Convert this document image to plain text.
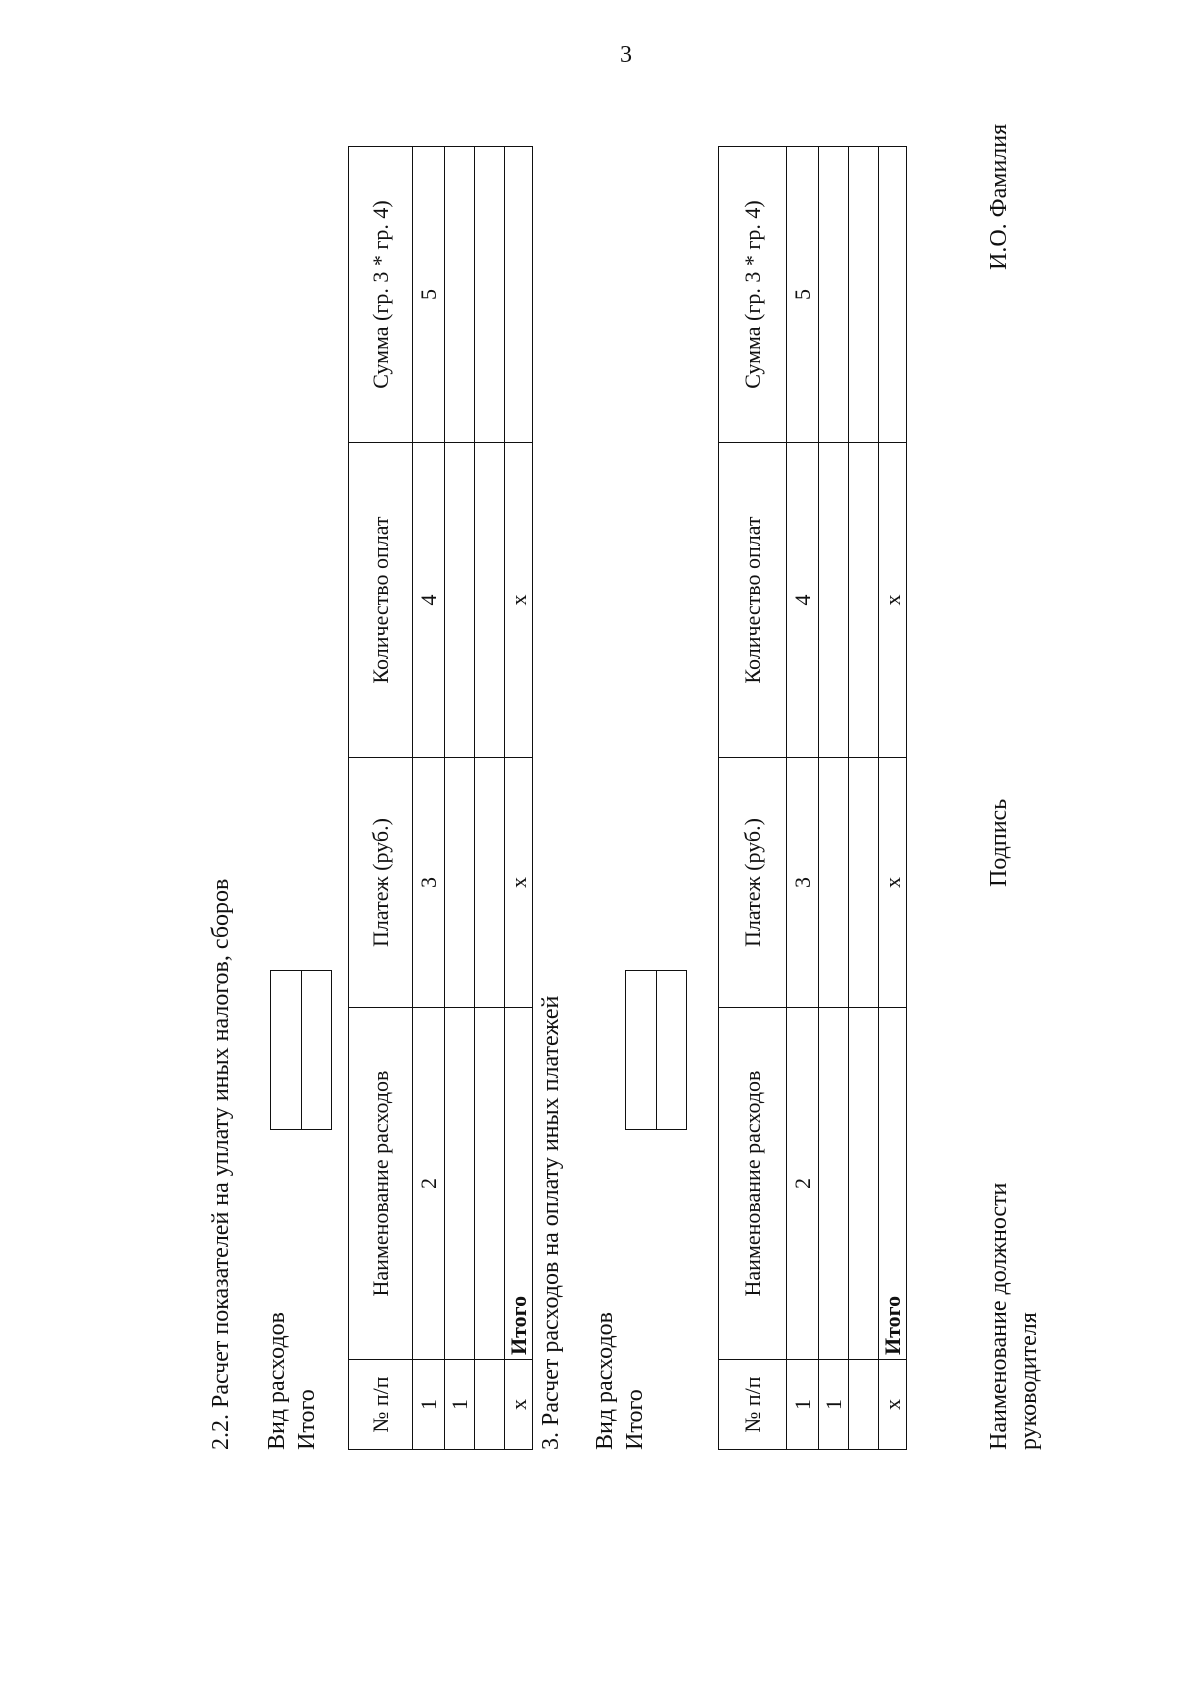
3
2.2. Расчет показателей на уплату иных налогов, сборов Вид расходов Итого № п/п	Наименование расходов	Платеж (руб.)	Количество оплат	Сумма (гр. 3 * гр. 4)
1	2	3	4	5
1				

х	Итого	х	х	
3. Расчет расходов на оплату иных платежей Вид расходов Итого	№ п/п	Наименование расходов	Платеж (руб.)	Количество оплат	Сумма (гр. 3 * гр. 4)
1	2	3	4	5
1				

х	Итого	х	х	
Наименование должности руководителя
Подпись
И.О. Фамилия
